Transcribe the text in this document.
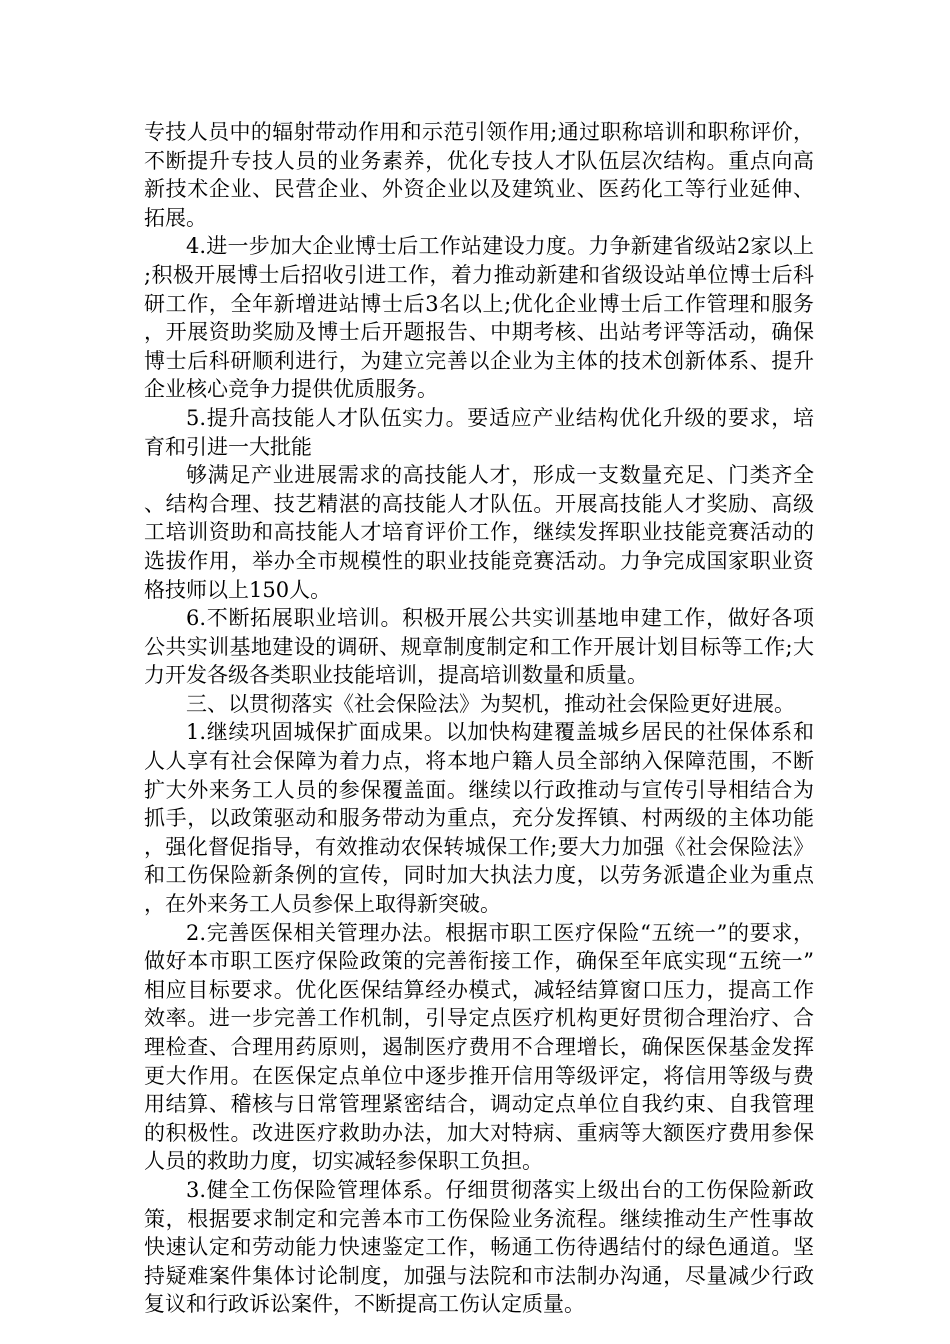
专技人员中的辐射带动作用和示范引领作用;通过职称培训和职称评价，不断提升专技人员的业务素养，优化专技人才队伍层次结构。重点向高新技术企业、民营企业、外资企业以及建筑业、医药化工等行业延伸、拓展。

4.进一步加大企业博士后工作站建设力度。力争新建省级站2家以上;积极开展博士后招收引进工作，着力推动新建和省级设站单位博士后科研工作，全年新增进站博士后3名以上;优化企业博士后工作管理和服务，开展资助奖励及博士后开题报告、中期考核、出站考评等活动，确保博士后科研顺利进行，为建立完善以企业为主体的技术创新体系、提升企业核心竞争力提供优质服务。

5.提升高技能人才队伍实力。要适应产业结构优化升级的要求，培育和引进一大批能

够满足产业进展需求的高技能人才，形成一支数量充足、门类齐全、结构合理、技艺精湛的高技能人才队伍。开展高技能人才奖励、高级工培训资助和高技能人才培育评价工作，继续发挥职业技能竞赛活动的选拔作用，举办全市规模性的职业技能竞赛活动。力争完成国家职业资格技师以上150人。

6.不断拓展职业培训。积极开展公共实训基地申建工作，做好各项公共实训基地建设的调研、规章制度制定和工作开展计划目标等工作;大力开发各级各类职业技能培训，提高培训数量和质量。

三、以贯彻落实《社会保险法》为契机，推动社会保险更好进展。

1.继续巩固城保扩面成果。以加快构建覆盖城乡居民的社保体系和人人享有社会保障为着力点，将本地户籍人员全部纳入保障范围，不断扩大外来务工人员的参保覆盖面。继续以行政推动与宣传引导相结合为抓手，以政策驱动和服务带动为重点，充分发挥镇、村两级的主体功能，强化督促指导，有效推动农保转城保工作;要大力加强《社会保险法》和工伤保险新条例的宣传，同时加大执法力度，以劳务派遣企业为重点，在外来务工人员参保上取得新突破。

2.完善医保相关管理办法。根据市职工医疗保险“五统一”的要求，做好本市职工医疗保险政策的完善衔接工作，确保至年底实现“五统一”相应目标要求。优化医保结算经办模式，减轻结算窗口压力，提高工作效率。进一步完善工作机制，引导定点医疗机构更好贯彻合理治疗、合理检查、合理用药原则，遏制医疗费用不合理增长，确保医保基金发挥更大作用。在医保定点单位中逐步推开信用等级评定，将信用等级与费用结算、稽核与日常管理紧密结合，调动定点单位自我约束、自我管理的积极性。改进医疗救助办法，加大对特病、重病等大额医疗费用参保人员的救助力度，切实减轻参保职工负担。

3.健全工伤保险管理体系。仔细贯彻落实上级出台的工伤保险新政策，根据要求制定和完善本市工伤保险业务流程。继续推动生产性事故快速认定和劳动能力快速鉴定工作，畅通工伤待遇结付的绿色通道。坚持疑难案件集体讨论制度，加强与法院和市法制办沟通，尽量减少行政复议和行政诉讼案件，不断提高工伤认定质量。
